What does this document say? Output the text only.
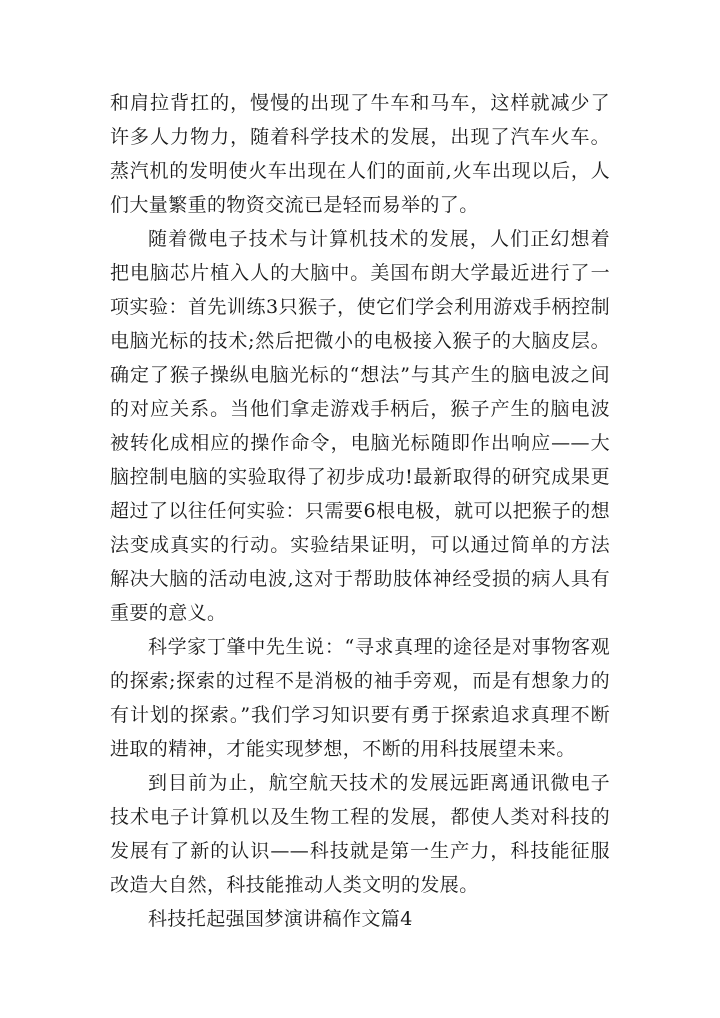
和肩拉背扛的，慢慢的出现了牛车和马车，这样就减少了许多人力物力，随着科学技术的发展，出现了汽车火车。蒸汽机的发明使火车出现在人们的面前,火车出现以后，人们大量繁重的物资交流已是轻而易举的了。

随着微电子技术与计算机技术的发展，人们正幻想着把电脑芯片植入人的大脑中。美国布朗大学最近进行了一项实验：首先训练3只猴子，使它们学会利用游戏手柄控制电脑光标的技术;然后把微小的电极接入猴子的大脑皮层。确定了猴子操纵电脑光标的“想法”与其产生的脑电波之间的对应关系。当他们拿走游戏手柄后，猴子产生的脑电波被转化成相应的操作命令，电脑光标随即作出响应——大脑控制电脑的实验取得了初步成功!最新取得的研究成果更超过了以往任何实验：只需要6根电极，就可以把猴子的想法变成真实的行动。实验结果证明，可以通过简单的方法解决大脑的活动电波,这对于帮助肢体神经受损的病人具有重要的意义。

科学家丁肇中先生说：“寻求真理的途径是对事物客观的探索;探索的过程不是消极的袖手旁观，而是有想象力的有计划的探索。”我们学习知识要有勇于探索追求真理不断进取的精神，才能实现梦想，不断的用科技展望未来。

到目前为止，航空航天技术的发展远距离通讯微电子技术电子计算机以及生物工程的发展，都使人类对科技的发展有了新的认识——科技就是第一生产力，科技能征服改造大自然，科技能推动人类文明的发展。

科技托起强国梦演讲稿作文篇4
